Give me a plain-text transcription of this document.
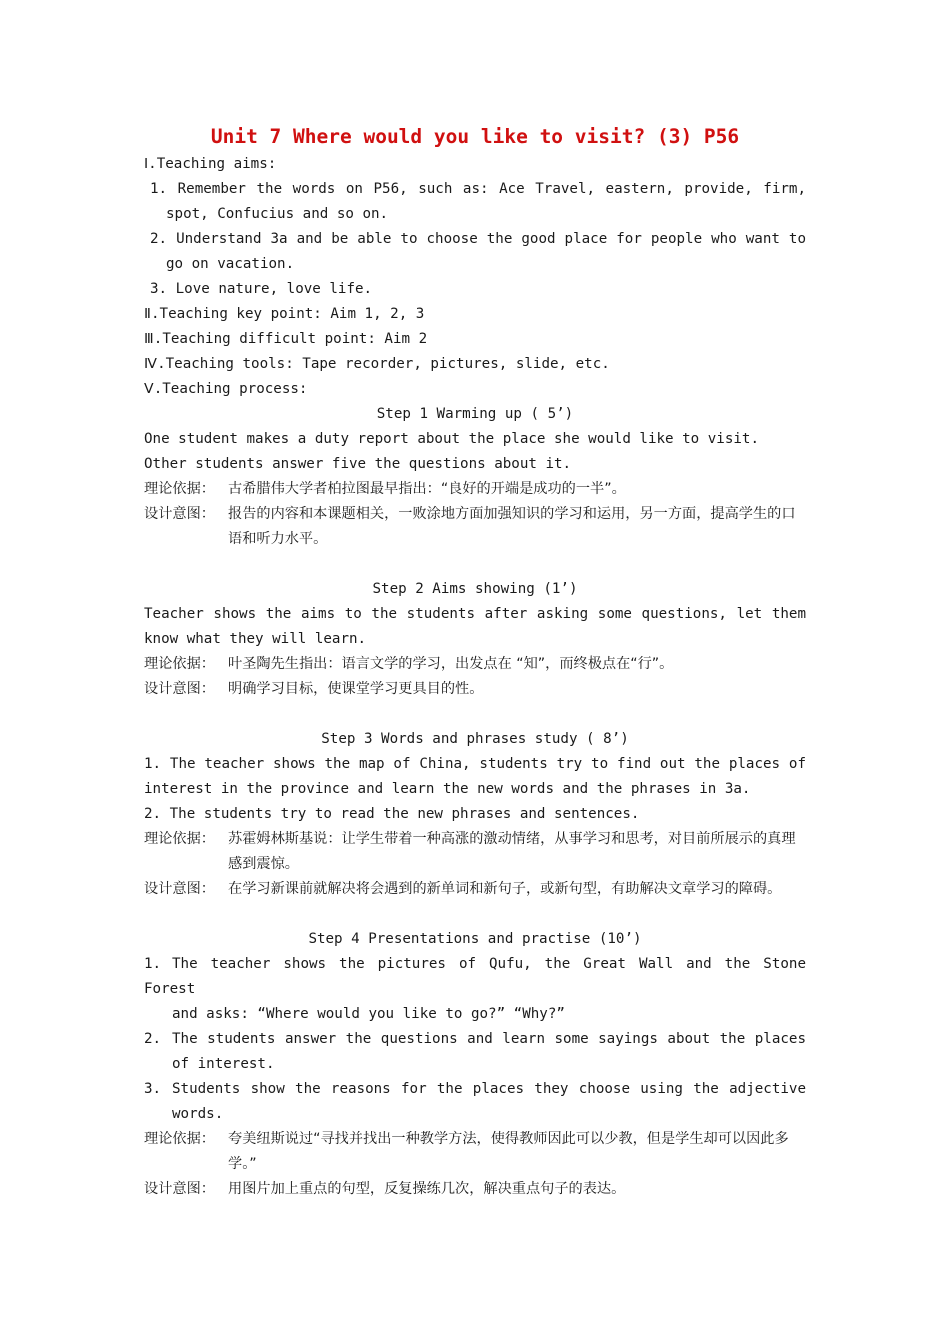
Unit 7 Where would you like to visit? (3) P56
Ⅰ.Teaching aims:
1. Remember the words on P56, such as: Ace Travel, eastern, provide, firm,
spot, Confucius and so on.
2. Understand 3a and be able to choose the good place for people who want to
go on vacation.
3. Love nature, love life.
Ⅱ.Teaching key point: Aim 1, 2, 3
Ⅲ.Teaching difficult point: Aim 2
Ⅳ.Teaching tools: Tape recorder, pictures, slide, etc.
Ⅴ.Teaching process:
Step 1 Warming up ( 5’)
One student makes a duty report about the place she would like to visit.
Other students answer five the questions about it.
理论依据： 古希腊伟大学者柏拉图最早指出：“良好的开端是成功的一半”。
设计意图： 报告的内容和本课题相关，一败涂地方面加强知识的学习和运用，另一方面，提高学生的口语和听力水平。
Step 2 Aims showing (1’)
Teacher shows the aims to the students after asking some questions, let them
know what they will learn.
理论依据： 叶圣陶先生指出：语言文学的学习，出发点在 “知”，而终极点在“行”。
设计意图： 明确学习目标，使课堂学习更具目的性。
Step 3 Words and phrases study ( 8’)
1. The teacher shows the map of China, students try to find out the places of
interest in the province and learn the new words and the phrases in 3a.
2. The students try to read the new phrases and sentences.
理论依据： 苏霍姆林斯基说：让学生带着一种高涨的激动情绪，从事学习和思考，对目前所展示的真理感到震惊。
设计意图： 在学习新课前就解决将会遇到的新单词和新句子，或新句型，有助解决文章学习的障碍。
Step 4 Presentations and practise (10’)
1. The teacher shows the pictures of Qufu, the Great Wall and the Stone Forest
and asks: “Where would you like to go?” “Why?”
2. The students answer the questions and learn some sayings about the places
of interest.
3. Students show the reasons for the places they choose using the adjective
words.
理论依据： 夸美纽斯说过“寻找并找出一种教学方法，使得教师因此可以少教，但是学生却可以因此多学。”
设计意图： 用图片加上重点的句型，反复操练几次，解决重点句子的表达。
